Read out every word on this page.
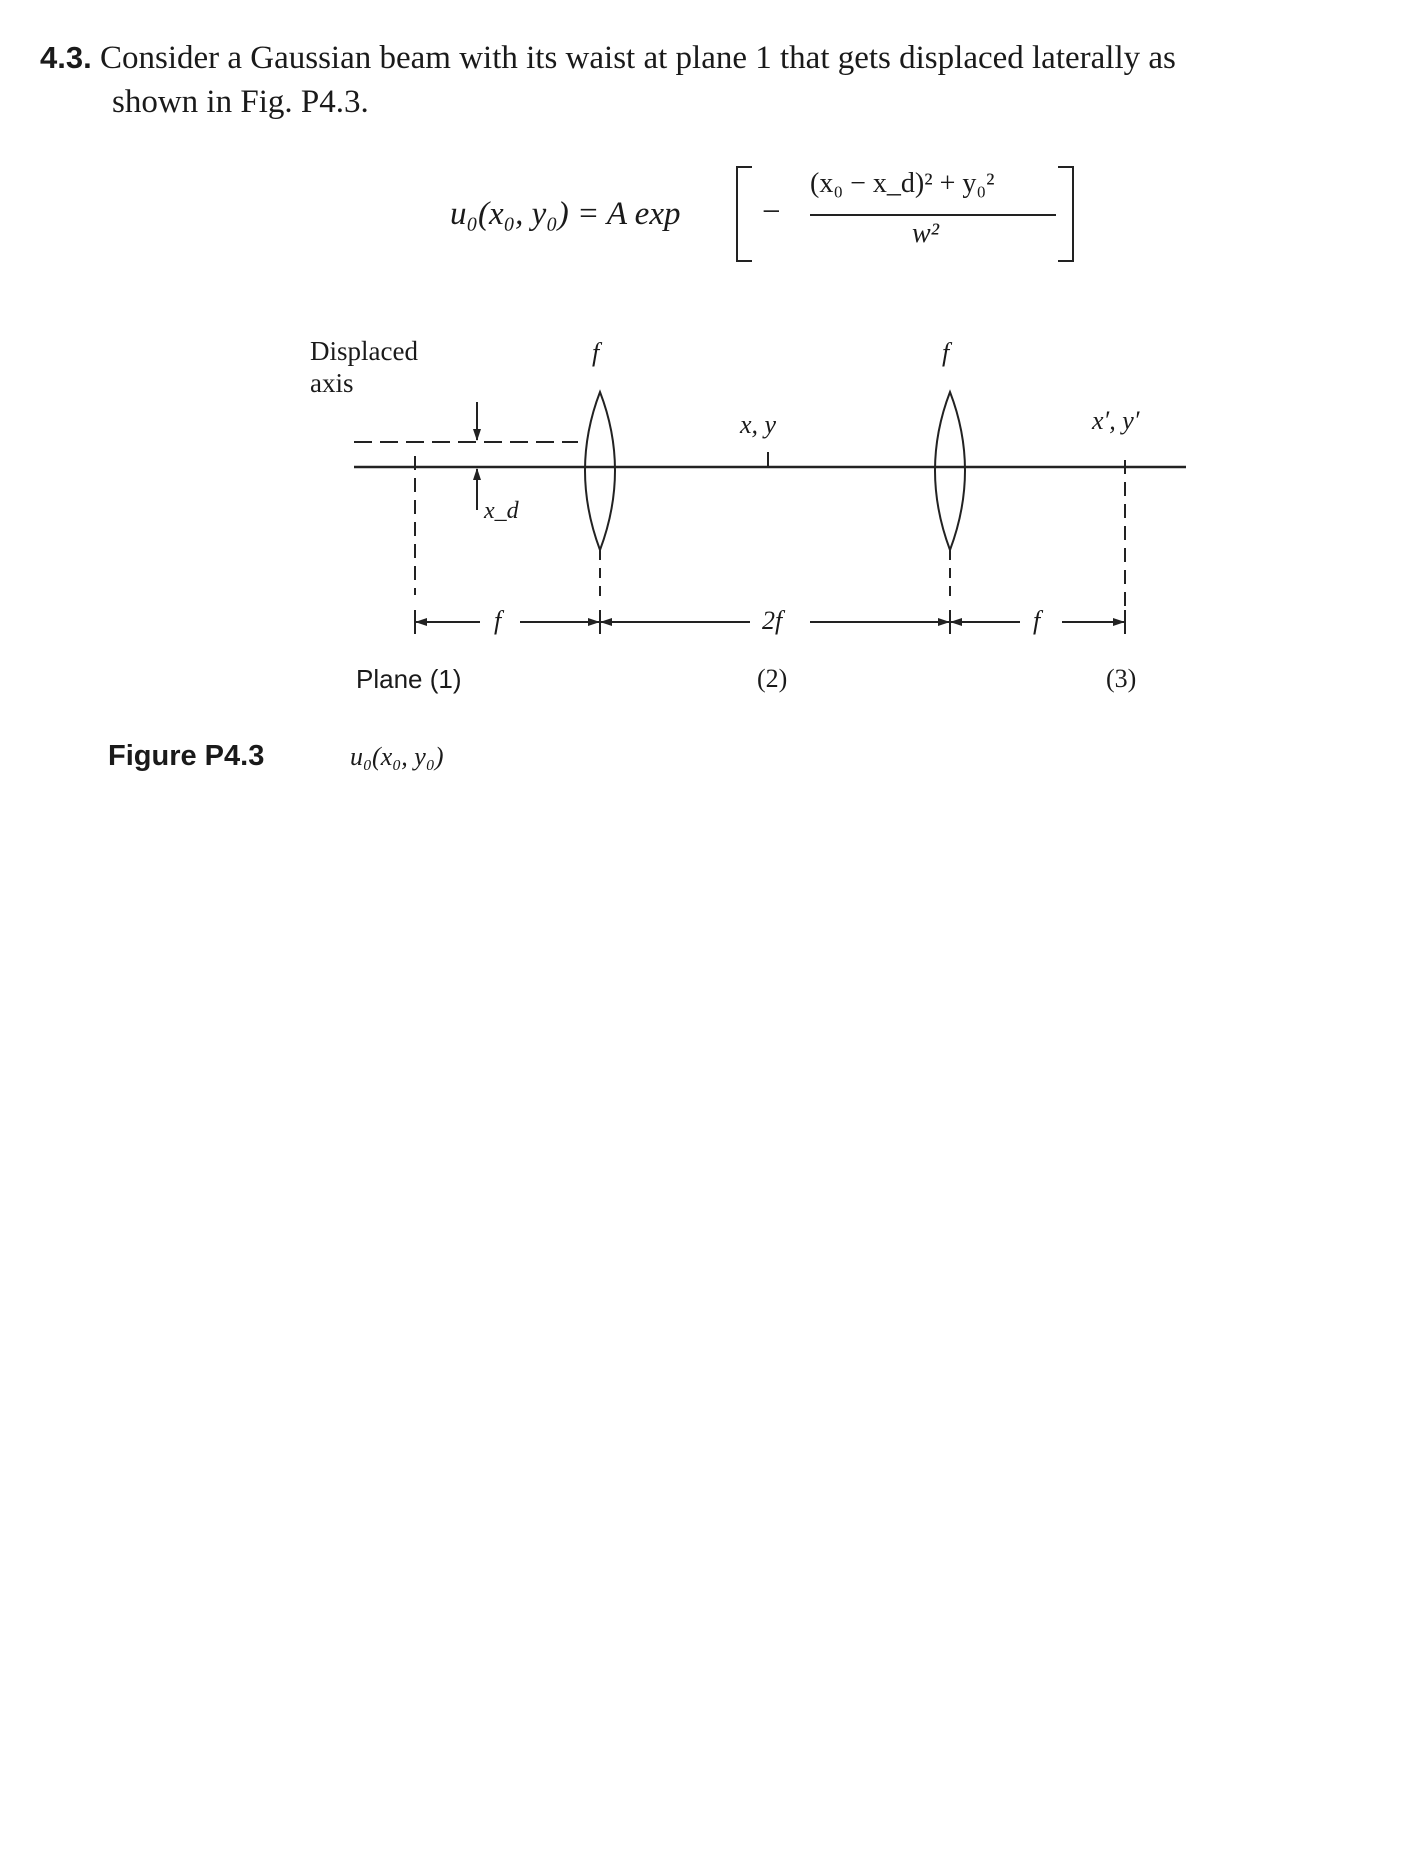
4.3. Consider a Gaussian beam with its waist at plane 1 that gets displaced laterally as
shown in Fig. P4.3.
u₀(x₀, y₀) = A exp −
(x₀ − x_d)² + y₀²
w²
Displaced
axis
f	f
x, y	x′, y′
x_d
f	2f	f
Plane (1)	(2)	(3)
u₀(x₀, y₀)
Figure P4.3
